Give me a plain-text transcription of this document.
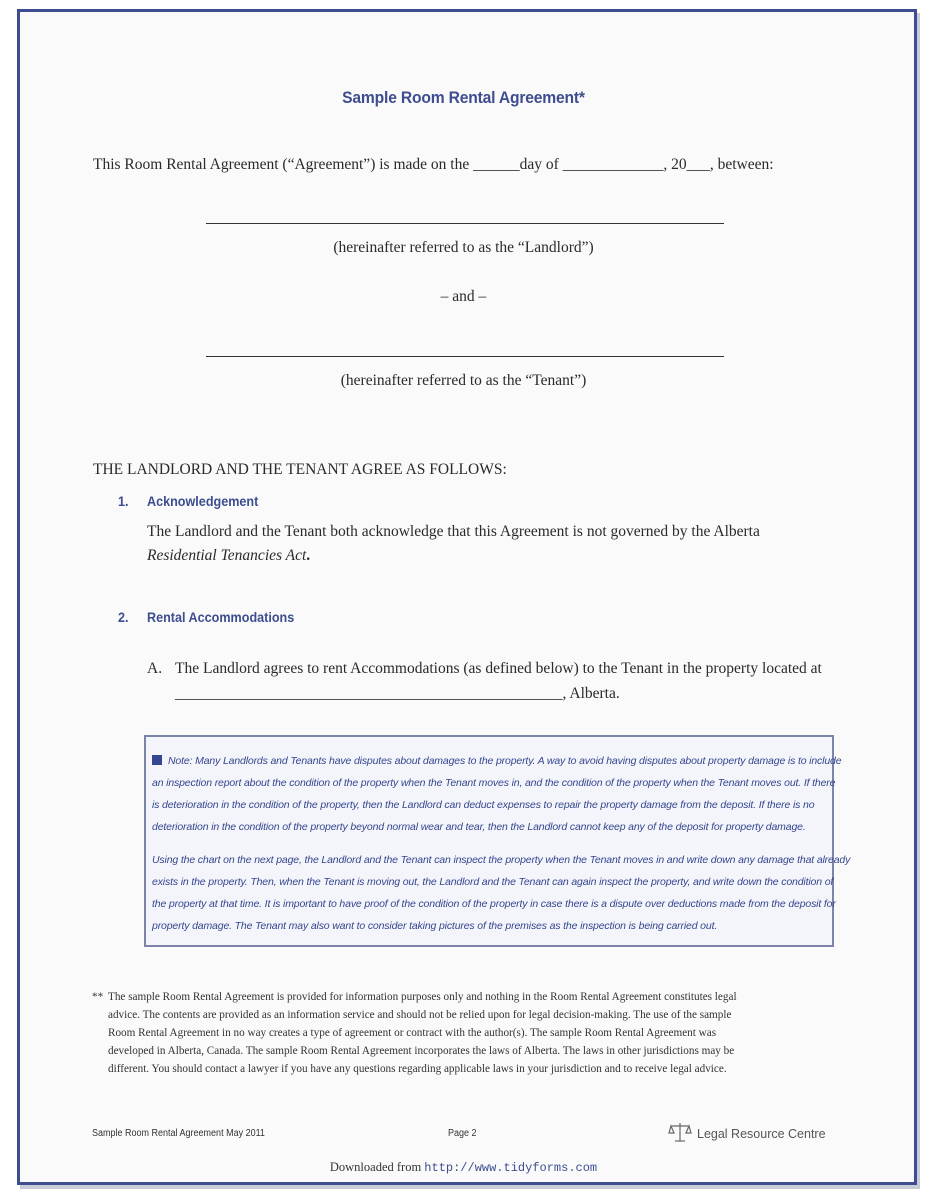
Sample Room Rental Agreement*
This Room Rental Agreement (“Agreement”) is made on the ______day of _____________, 20___, between:
(hereinafter referred to as the “Landlord”)
– and –
(hereinafter referred to as the “Tenant”)
THE LANDLORD AND THE TENANT AGREE AS FOLLOWS:
1. Acknowledgement
The Landlord and the Tenant both acknowledge that this Agreement is not governed by the Alberta
Residential Tenancies Act.
2. Rental Accommodations
A. The Landlord agrees to rent Accommodations (as defined below) to the Tenant in the property located at
__________________________________________________, Alberta.
Note: Many Landlords and Tenants have disputes about damages to the property. A way to avoid having disputes about property damage is to include
an inspection report about the condition of the property when the Tenant moves in, and the condition of the property when the Tenant moves out. If there
is deterioration in the condition of the property, then the Landlord can deduct expenses to repair the property damage from the deposit. If there is no
deterioration in the condition of the property beyond normal wear and tear, then the Landlord cannot keep any of the deposit for property damage.
Using the chart on the next page, the Landlord and the Tenant can inspect the property when the Tenant moves in and write down any damage that already
exists in the property. Then, when the Tenant is moving out, the Landlord and the Tenant can again inspect the property, and write down the condition of
the property at that time. It is important to have proof of the condition of the property in case there is a dispute over deductions made from the deposit for
property damage. The Tenant may also want to consider taking pictures of the premises as the inspection is being carried out.
** The sample Room Rental Agreement is provided for information purposes only and nothing in the Room Rental Agreement constitutes legal
advice. The contents are provided as an information service and should not be relied upon for legal decision-making. The use of the sample
Room Rental Agreement in no way creates a type of agreement or contract with the author(s). The sample Room Rental Agreement was
developed in Alberta, Canada. The sample Room Rental Agreement incorporates the laws of Alberta. The laws in other jurisdictions may be
different. You should contact a lawyer if you have any questions regarding applicable laws in your jurisdiction and to receive legal advice.
Sample Room Rental Agreement May 2011	Page 2	Legal Resource Centre
Downloaded from http://www.tidyforms.com
